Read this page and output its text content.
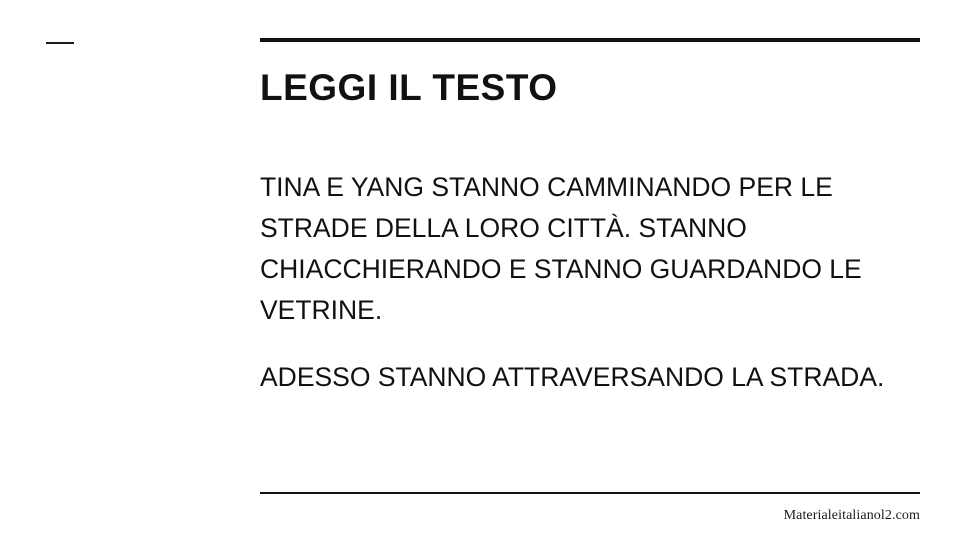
LEGGI IL TESTO

TINA E YANG STANNO CAMMINANDO PER LE STRADE DELLA LORO CITTÀ. STANNO CHIACCHIERANDO E STANNO GUARDANDO LE VETRINE.

ADESSO STANNO ATTRAVERSANDO LA STRADA.

Materialeitalianol2.com
